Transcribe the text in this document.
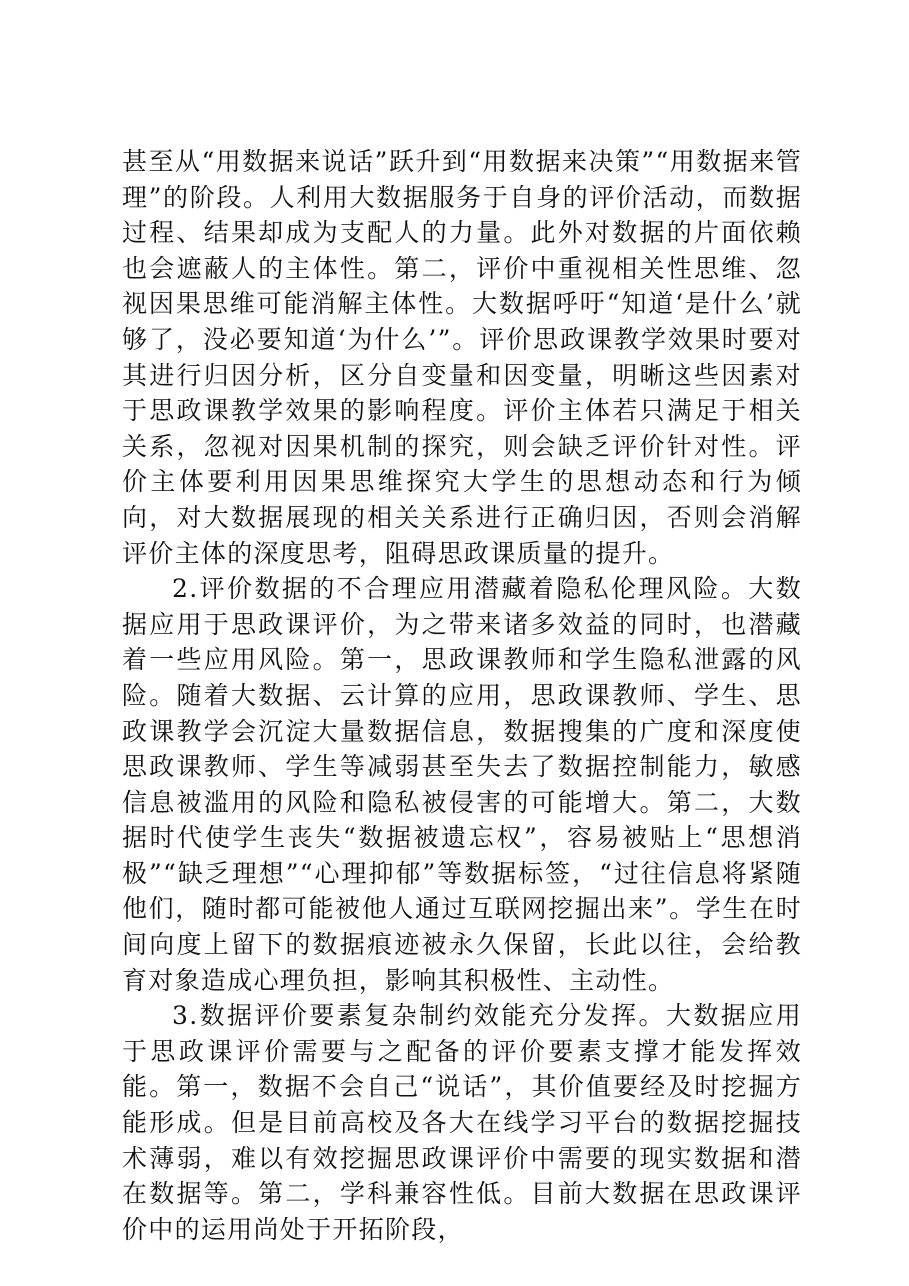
甚至从“用数据来说话”跃升到“用数据来决策”“用数据来管理”的阶段。人利用大数据服务于自身的评价活动，而数据过程、结果却成为支配人的力量。此外对数据的片面依赖也会遮蔽人的主体性。第二，评价中重视相关性思维、忽视因果思维可能消解主体性。大数据呼吁“知道‘是什么’就够了，没必要知道‘为什么’”。评价思政课教学效果时要对其进行归因分析，区分自变量和因变量，明晰这些因素对于思政课教学效果的影响程度。评价主体若只满足于相关关系，忽视对因果机制的探究，则会缺乏评价针对性。评价主体要利用因果思维探究大学生的思想动态和行为倾向，对大数据展现的相关关系进行正确归因，否则会消解评价主体的深度思考，阻碍思政课质量的提升。

2.评价数据的不合理应用潜藏着隐私伦理风险。大数据应用于思政课评价，为之带来诸多效益的同时，也潜藏着一些应用风险。第一，思政课教师和学生隐私泄露的风险。随着大数据、云计算的应用，思政课教师、学生、思政课教学会沉淀大量数据信息，数据搜集的广度和深度使思政课教师、学生等减弱甚至失去了数据控制能力，敏感信息被滥用的风险和隐私被侵害的可能增大。第二，大数据时代使学生丧失“数据被遗忘权”，容易被贴上“思想消极”“缺乏理想”“心理抑郁”等数据标签，“过往信息将紧随他们，随时都可能被他人通过互联网挖掘出来”。学生在时间向度上留下的数据痕迹被永久保留，长此以往，会给教育对象造成心理负担，影响其积极性、主动性。

3.数据评价要素复杂制约效能充分发挥。大数据应用于思政课评价需要与之配备的评价要素支撑才能发挥效能。第一，数据不会自己“说话”，其价值要经及时挖掘方能形成。但是目前高校及各大在线学习平台的数据挖掘技术薄弱，难以有效挖掘思政课评价中需要的现实数据和潜在数据等。第二，学科兼容性低。目前大数据在思政课评价中的运用尚处于开拓阶段，
